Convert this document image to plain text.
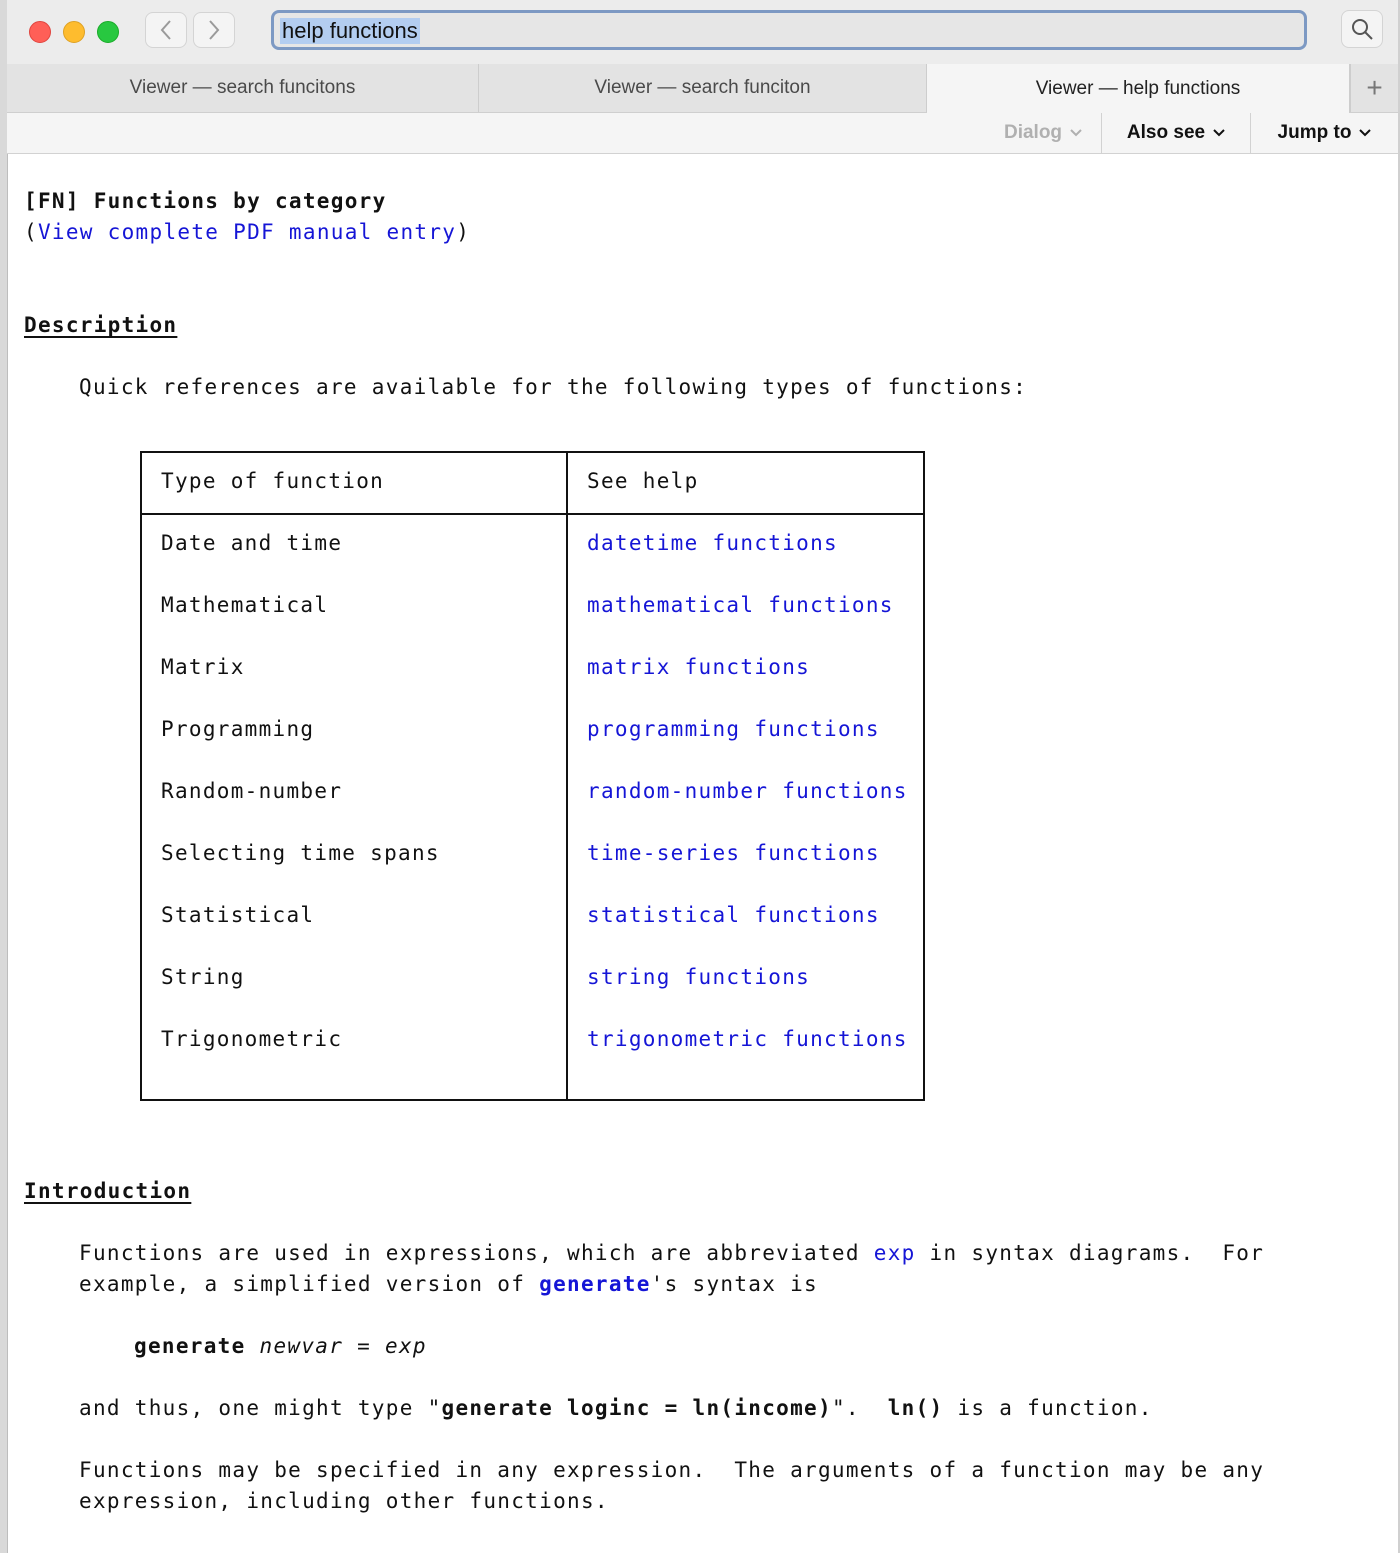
help functions
Viewer — search funcitons	Viewer — search funciton	Viewer — help functions	+
Dialog	Also see	Jump to
[FN] Functions by category
(View complete PDF manual entry)
Description
Quick references are available for the following types of functions:
Type of function	See help
Date and time	datetime functions
Mathematical	mathematical functions
Matrix	matrix functions
Programming	programming functions
Random-number	random-number functions
Selecting time spans	time-series functions
Statistical	statistical functions
String	string functions
Trigonometric	trigonometric functions
Introduction
Functions are used in expressions, which are abbreviated exp in syntax diagrams.  For
example, a simplified version of generate's syntax is
generate newvar = exp
and thus, one might type "generate loginc = ln(income)".  ln() is a function.
Functions may be specified in any expression.  The arguments of a function may be any
expression, including other functions.
